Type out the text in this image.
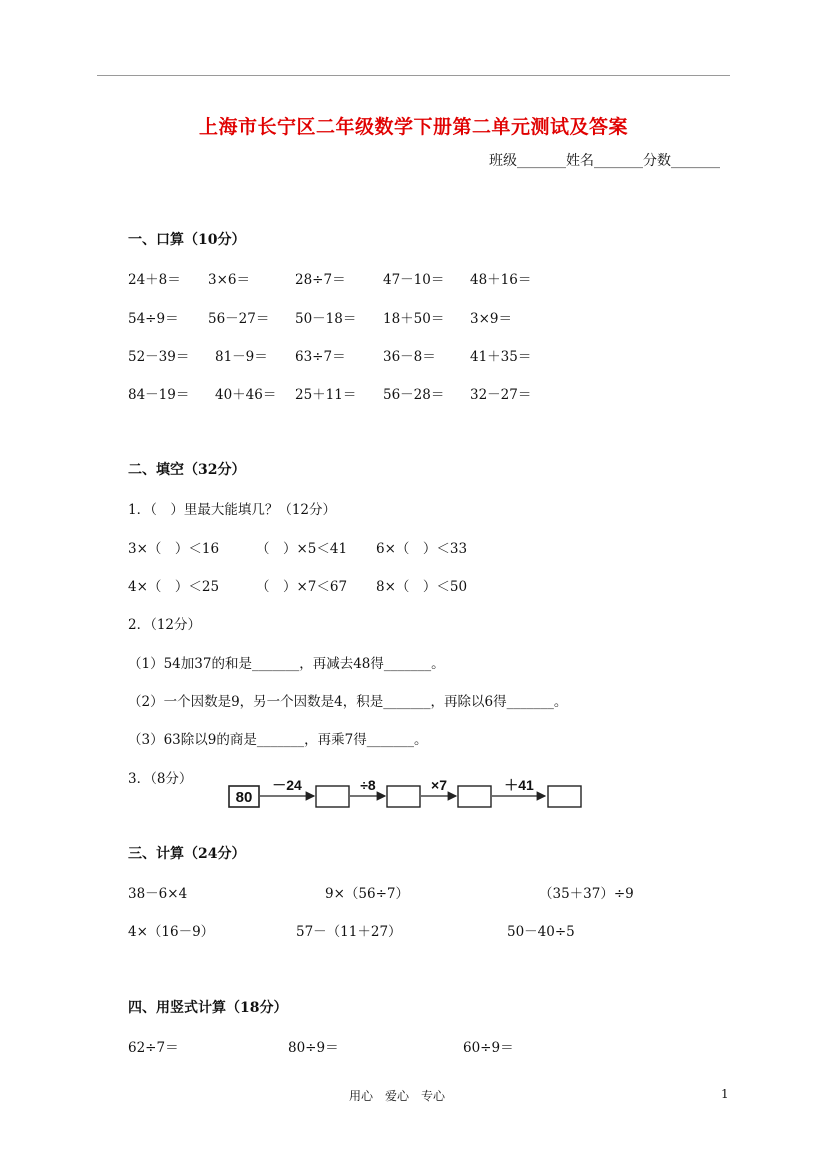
上海市长宁区二年级数学下册第二单元测试及答案
班级_______姓名_______分数_______
一、口算（10分）
24＋8＝ 3×6＝	28÷7＝	47－10＝ 48＋16＝
54÷9＝ 56－27＝ 50－18＝ 18＋50＝ 3×9＝
52－39＝ 81－9＝ 63÷7＝	36－8＝	41＋35＝
84－19＝ 40＋46＝ 25＋11＝ 56－28＝ 32－27＝
二、填空（32分）
1．（　）里最大能填几？（12分）
3×（　）＜16	（　）×5＜41 6×（　）＜33
4×（　）＜25	（　）×7＜67 8×（　）＜50
2．（12分）
（1）54加37的和是_______，再减去48得_______。
（2）一个因数是9，另一个因数是4，积是_______，再除以6得_______。
（3）63除以9的商是_______，再乘7得_______。
3．（8分）
80
－24	÷8	×7	＋41
三、计算（24分）
38－6×4	9×（56÷7）	（35＋37）÷9
4×（16－9）	57－（11＋27）	50－40÷5
四、用竖式计算（18分）
62÷7＝	80÷9＝	60÷9＝
用心　爱心　专心	1
